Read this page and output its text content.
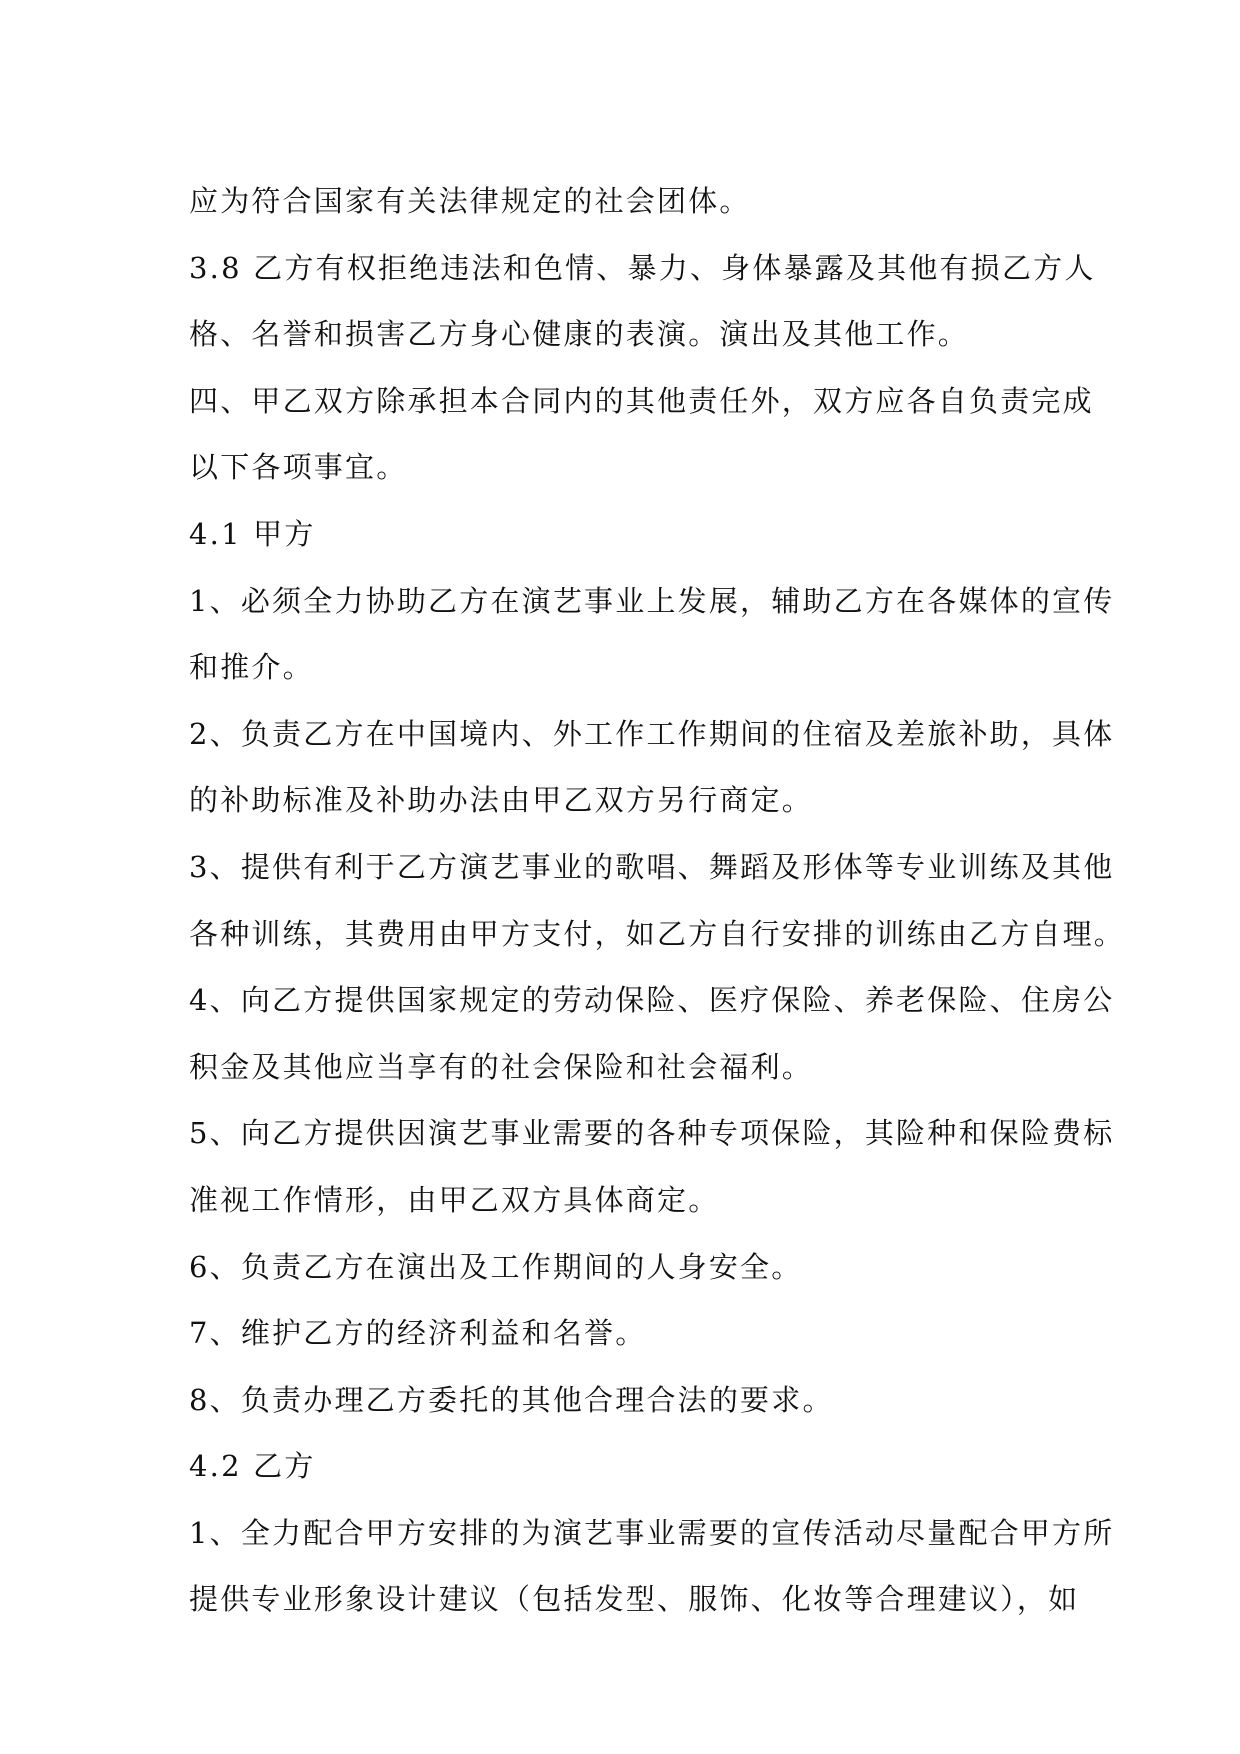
应为符合国家有关法律规定的社会团体。
3.8 乙方有权拒绝违法和色情、暴力、身体暴露及其他有损乙方人
格、名誉和损害乙方身心健康的表演。演出及其他工作。
四、甲乙双方除承担本合同内的其他责任外，双方应各自负责完成
以下各项事宜。
4.1 甲方
1、必须全力协助乙方在演艺事业上发展，辅助乙方在各媒体的宣传
和推介。
2、负责乙方在中国境内、外工作工作期间的住宿及差旅补助，具体
的补助标准及补助办法由甲乙双方另行商定。
3、提供有利于乙方演艺事业的歌唱、舞蹈及形体等专业训练及其他
各种训练，其费用由甲方支付，如乙方自行安排的训练由乙方自理。
4、向乙方提供国家规定的劳动保险、医疗保险、养老保险、住房公
积金及其他应当享有的社会保险和社会福利。
5、向乙方提供因演艺事业需要的各种专项保险，其险种和保险费标
准视工作情形，由甲乙双方具体商定。
6、负责乙方在演出及工作期间的人身安全。
7、维护乙方的经济利益和名誉。
8、负责办理乙方委托的其他合理合法的要求。
4.2 乙方
1、全力配合甲方安排的为演艺事业需要的宣传活动尽量配合甲方所
提供专业形象设计建议（包括发型、服饰、化妆等合理建议），如
